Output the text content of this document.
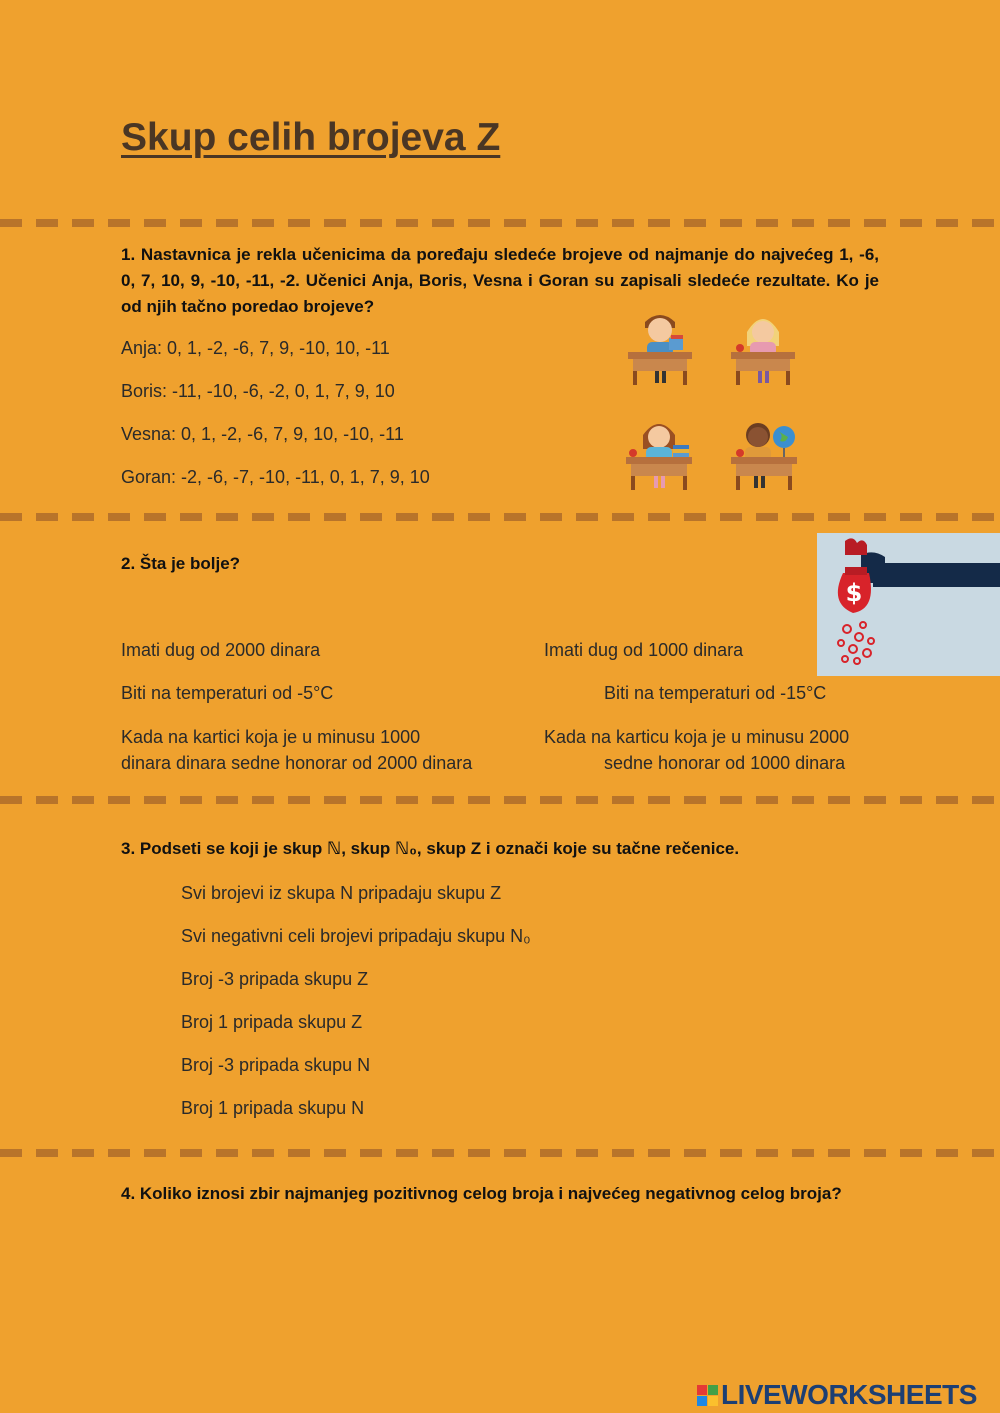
Skup celih brojeva Z

1. Nastavnica je rekla učenicima da poređaju sledeće brojeve od najmanje do najvećeg 1, -6, 0, 7, 10, 9, -10, -11, -2. Učenici Anja, Boris, Vesna i Goran su zapisali sledeće rezultate. Ko je od njih tačno poredao brojeve?

Anja: 0, 1, -2, -6, 7, 9, -10, 10, -11
Boris: -11, -10, -6, -2, 0, 1, 7, 9, 10
Vesna: 0, 1, -2, -6, 7, 9, 10, -10, -11
Goran: -2, -6, -7, -10, -11, 0, 1, 7, 9, 10

2. Šta je bolje?

$
Imati dug od 2000 dinara	Imati dug od 1000 dinara
Biti na temperaturi od -5°C	Biti na temperaturi od -15°C
Kada na kartici koja je u minusu 1000
dinara dinara sedne honorar od 2000 dinara
Kada na karticu koja je u minusu 2000
sedne honorar od 1000 dinara

3. Podseti se koji je skup ℕ, skup ℕ₀, skup Z i označi koje su tačne rečenice.

Svi brojevi iz skupa N pripadaju skupu Z
Svi negativni celi brojevi pripadaju skupu N₀
Broj -3 pripada skupu Z
Broj 1 pripada skupu Z
Broj -3 pripada skupu N
Broj 1 pripada skupu N

4. Koliko iznosi zbir najmanjeg pozitivnog celog broja i najvećeg negativnog celog broja?

LIVEWORKSHEETS
